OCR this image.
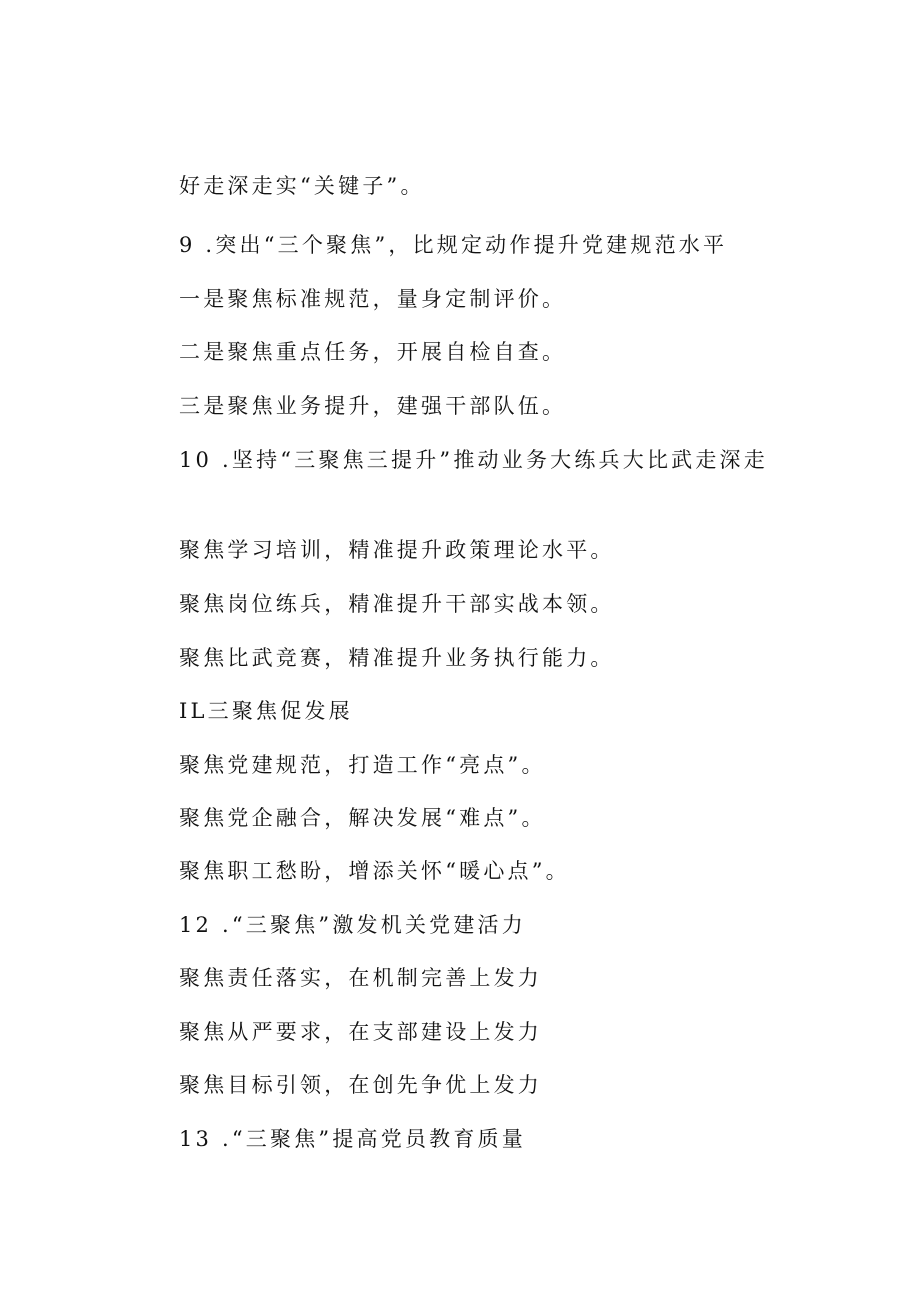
好走深走实“关键子”。
9 .突出“三个聚焦”，比规定动作提升党建规范水平
一是聚焦标准规范，量身定制评价。
二是聚焦重点任务，开展自检自查。
三是聚焦业务提升，建强干部队伍。
10 .坚持“三聚焦三提升”推动业务大练兵大比武走深走
聚焦学习培训，精准提升政策理论水平。
聚焦岗位练兵，精准提升干部实战本领。
聚焦比武竞赛，精准提升业务执行能力。
IL三聚焦促发展
聚焦党建规范，打造工作“亮点”。
聚焦党企融合，解决发展“难点”。
聚焦职工愁盼，增添关怀“暖心点”。
12 .“三聚焦”激发机关党建活力
聚焦责任落实，在机制完善上发力
聚焦从严要求，在支部建设上发力
聚焦目标引领，在创先争优上发力
13 .“三聚焦”提高党员教育质量
